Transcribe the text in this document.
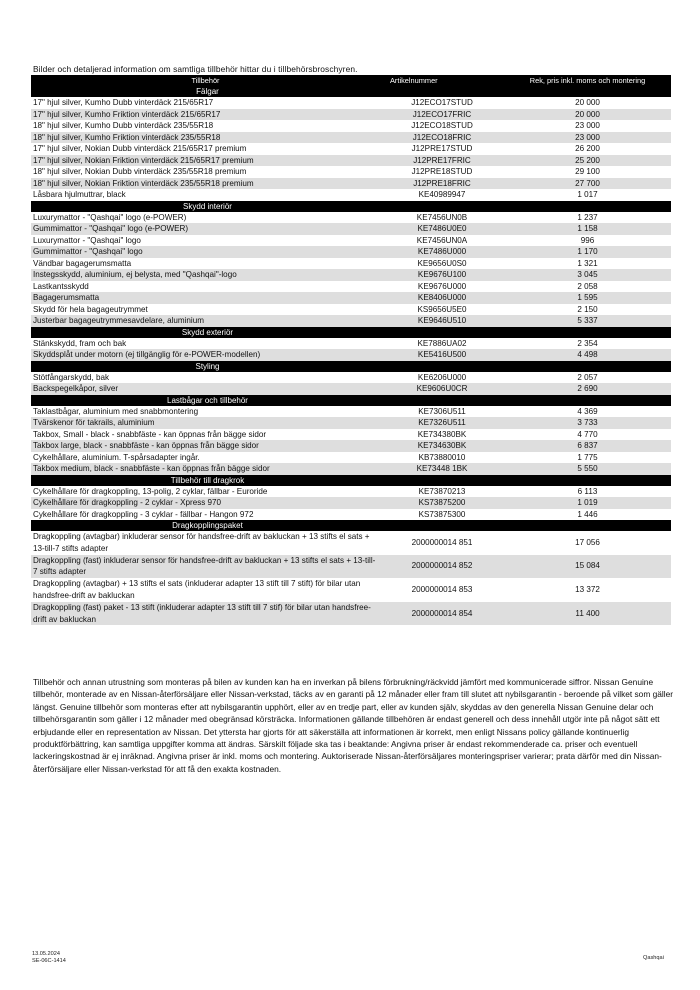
Bilder och detaljerad information om samtliga tillbehör hittar du i tillbehörsbroschyren.
Tillbehör	Artikelnummer	Rek, pris inkl. moms och montering
Fälgar		
17" hjul silver, Kumho Dubb vinterdäck 215/65R17	J12ECO17STUD	20 000
17" hjul silver, Kumho Friktion vinterdäck 215/65R17	J12ECO17FRIC	20 000
18" hjul silver, Kumho Dubb vinterdäck 235/55R18	J12ECO18STUD	23 000
18" hjul silver, Kumho Friktion vinterdäck 235/55R18	J12ECO18FRIC	23 000
17" hjul silver, Nokian Dubb vinterdäck 215/65R17 premium	J12PRE17STUD	26 200
17" hjul silver, Nokian Friktion vinterdäck 215/65R17 premium	J12PRE17FRIC	25 200
18" hjul silver, Nokian Dubb vinterdäck 235/55R18 premium	J12PRE18STUD	29 100
18" hjul silver, Nokian Friktion vinterdäck 235/55R18 premium	J12PRE18FRIC	27 700
Låsbara hjulmuttrar, black	KE40989947	1 017
Skydd interiör		
Luxurymattor - "Qashqai" logo (e-POWER)	KE7456UN0B	1 237
Gummimattor - "Qashqai" logo (e-POWER)	KE7486U0E0	1 158
Luxurymattor - "Qashqai" logo	KE7456UN0A	996
Gummimattor - "Qashqai" logo	KE7486U000	1 170
Vändbar bagagerumsmatta	KE9656U0S0	1 321
Instegsskydd, aluminium, ej belysta, med "Qashqai"-logo	KE9676U100	3 045
Lastkantsskydd	KE9676U000	2 058
Bagagerumsmatta	KE8406U000	1 595
Skydd för hela bagageutrymmet	KS9656U5E0	2 150
Justerbar bagageutrymmesavdelare, aluminium	KE9646U510	5 337
Skydd exteriör		
Stänkskydd, fram och bak	KE7886UA02	2 354
Skyddsplåt under motorn (ej tillgänglig för e-POWER-modellen)	KE5416U500	4 498
Styling		
Stötfångarskydd, bak	KE6206U000	2 057
Backspegelkåpor, silver	KE9606U0CR	2 690
Lastbågar och tillbehör		
Taklastbågar, aluminium med snabbmontering	KE7306U511	4 369
Tvärskenor för takrails, aluminium	KE7326U511	3 733
Takbox, Small - black - snabbfäste - kan öppnas från bägge sidor	KE734380BK	4 770
Takbox large, black - snabbfäste - kan öppnas från bägge sidor	KE734630BK	6 837
Cykelhållare, aluminium. T-spårsadapter ingår.	KB73880010	1 775
Takbox medium, black - snabbfäste - kan öppnas från bägge sidor	KE73448 1BK	5 550
Tillbehör till dragkrok		
Cykelhållare för dragkoppling, 13-polig, 2 cyklar, fällbar - Euroride	KE73870213	6 113
Cykelhållare för dragkoppling - 2 cyklar - Xpress 970	KS73875200	1 019
Cykelhållare för dragkoppling - 3 cyklar - fällbar - Hangon 972	KS73875300	1 446
Dragkopplingspaket		
Dragkoppling (avtagbar) inkluderar sensor för handsfree-drift av bakluckan + 13 stifts el sats + 13-till-7 stifts adapter	2000000014 851	17 056
Dragkoppling (fast) inkluderar sensor för handsfree-drift av bakluckan + 13 stifts el sats + 13-till-7 stifts adapter	2000000014 852	15 084
Dragkoppling (avtagbar) + 13 stifts el sats (inkluderar adapter 13 stift till 7 stift) för bilar utan handsfree-drift av bakluckan	2000000014 853	13 372
Dragkoppling (fast) paket - 13 stift (inkluderar adapter 13 stift till 7 stif) för bilar utan handsfree-drift av bakluckan	2000000014 854	11 400
Tillbehör och annan utrustning som monteras på bilen av kunden kan ha en inverkan på bilens förbrukning/räckvidd jämfört med kommunicerade siffror. Nissan Genuine tillbehör, monterade av en Nissan-återförsäljare eller Nissan-verkstad, täcks av en garanti på 12 månader eller fram till slutet att nybilsgarantin - beroende på vilket som gäller längst. Genuine tillbehör som monteras efter att nybilsgarantin upphört, eller av en tredje part, eller av kunden själv, skyddas av den generella Nissan Genuine delar och tillbehörsgarantin som gäller i 12 månader med obegränsad körsträcka. Informationen gällande tillbehören är endast generell och dess innehåll utgör inte på något sätt ett erbjudande eller en representation av Nissan. Det yttersta har gjorts för att säkerställa att informationen är korrekt, men enligt Nissans policy gällande kontinuerlig produktförbättring, kan samtliga uppgifter komma att ändras. Särskilt följade ska tas i beaktande: Angivna priser är endast rekommenderade ca. priser och eventuell lackeringskostnad är ej inräknad. Angivna priser är inkl. moms och montering. Auktoriserade Nissan-återförsäljares monteringspriser varierar; prata därför med din Nissan-återförsäljare eller Nissan-verkstad för att få den exakta kostnaden.
13.05.2024
SE-06C-1414	Qashqai
